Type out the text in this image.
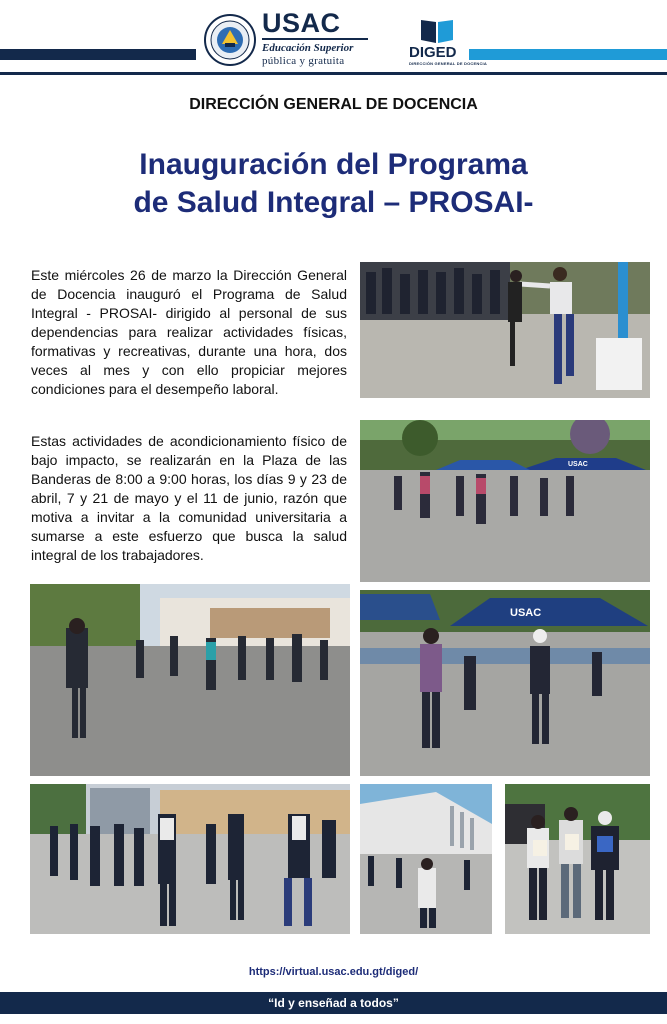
USAC
Educación Superior
pública y gratuita	DIGED
DIRECCIÓN GENERAL DE DOCENCIA
DIRECCIÓN GENERAL DE DOCENCIA
Inauguración del Programa
de Salud Integral – PROSAI-
Este miércoles 26 de marzo la Dirección General de Docencia inauguró el Programa de Salud Integral - PROSAI- dirigido al personal de sus dependencias para realizar actividades físicas, formativas y recreativas, durante una hora, dos veces al mes y con ello propiciar mejores condiciones para el desempeño laboral.
Estas actividades de acondicionamiento físico de bajo impacto, se realizarán en la Plaza de las Banderas de 8:00 a 9:00 horas, los días 9 y 23 de abril, 7 y 21 de mayo y el 11 de junio, razón que motiva a invitar a la comunidad universitaria a sumarse a este esfuerzo que busca la salud integral de los trabajadores.
USAC
USAC
https://virtual.usac.edu.gt/diged/
“Id y enseñad a todos”
